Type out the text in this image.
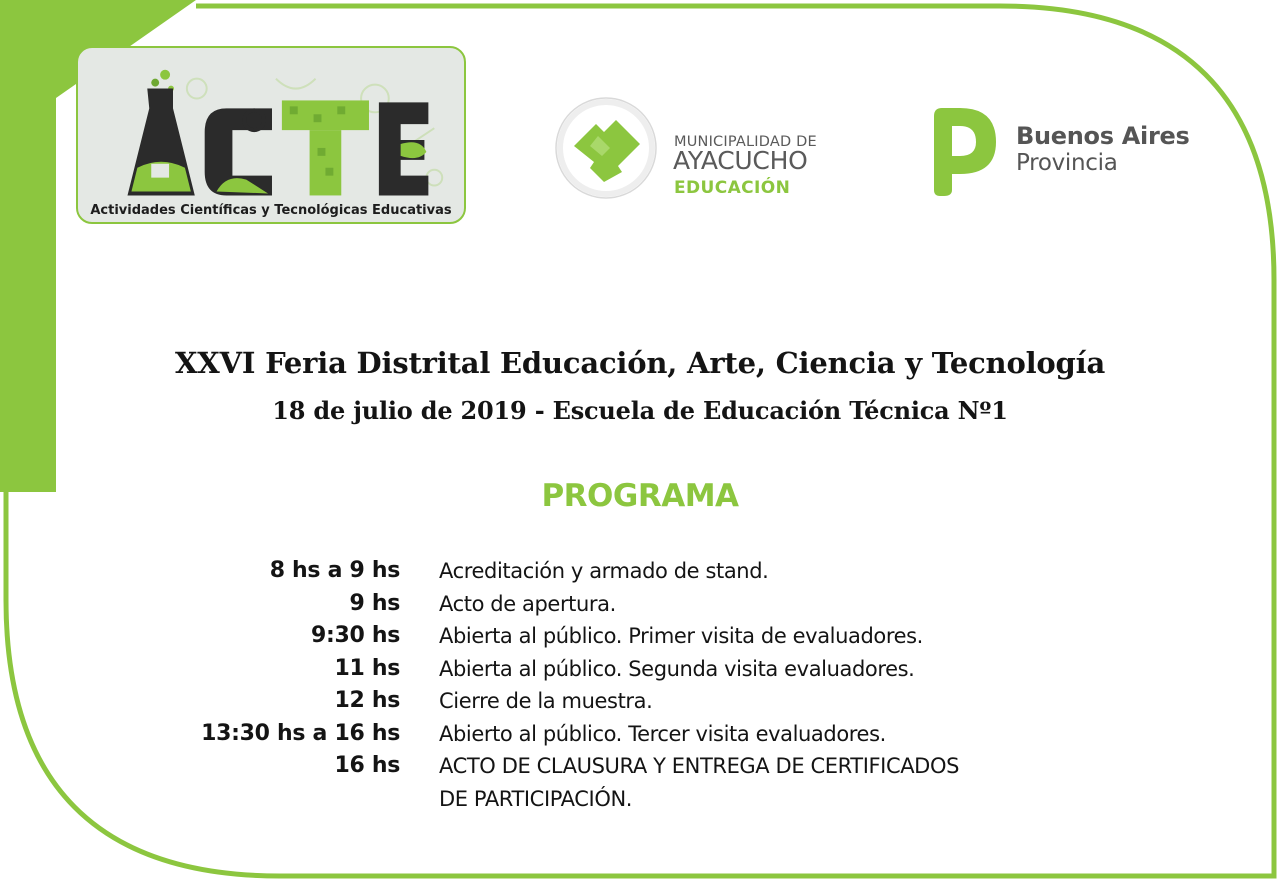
Actividades Científicas y Tecnológicas Educativas
MUNICIPALIDAD DE
AYACUCHO
EDUCACIÓN
Buenos Aires
Provincia
XXVI Feria Distrital Educación, Arte, Ciencia y Tecnología
18 de julio de 2019 - Escuela de Educación Técnica Nº1
PROGRAMA
8 hs a 9 hs Acreditación y armado de stand.
9 hs Acto de apertura.
9:30 hs Abierta al público. Primer visita de evaluadores.
11 hs Abierta al público. Segunda visita evaluadores.
12 hs Cierre de la muestra.
13:30 hs a 16 hs Abierto al público. Tercer visita evaluadores.
16 hs ACTO DE CLAUSURA Y ENTREGA DE CERTIFICADOS
DE PARTICIPACIÓN.
